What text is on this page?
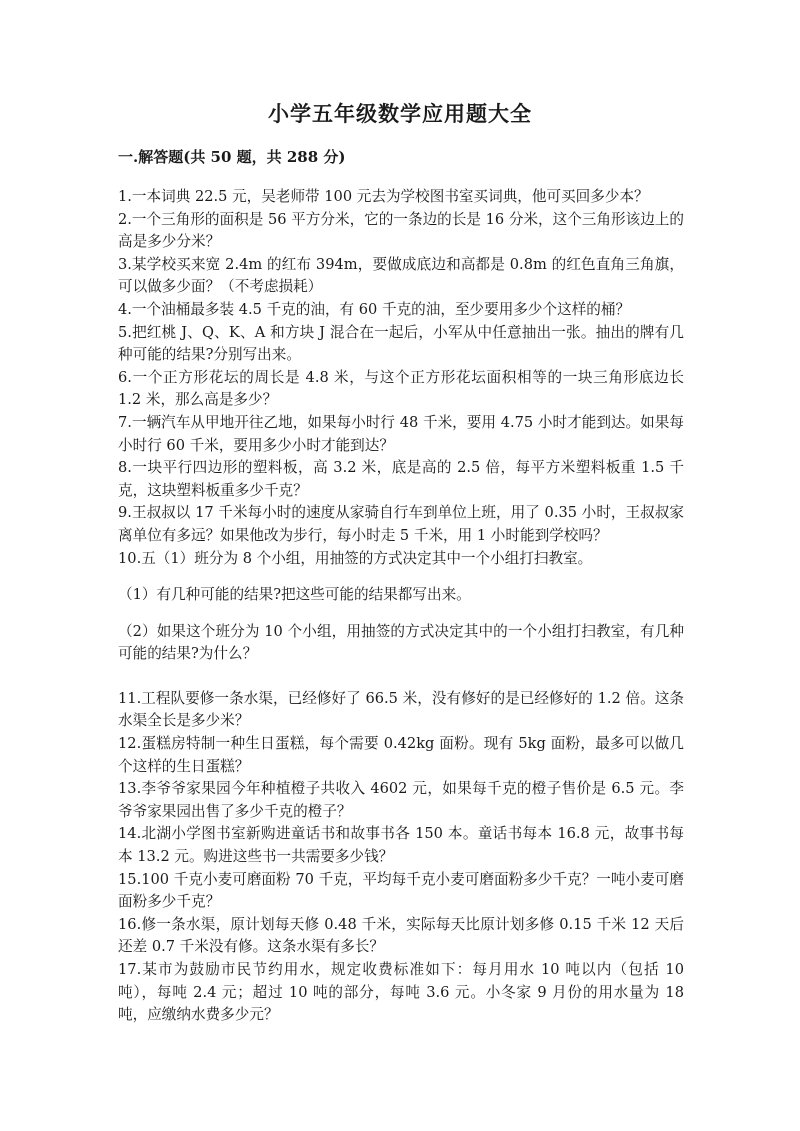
小学五年级数学应用题大全
一.解答题(共 50 题，共 288 分)

1.一本词典 22.5 元，吴老师带 100 元去为学校图书室买词典，他可买回多少本？

2.一个三角形的面积是 56 平方分米，它的一条边的长是 16 分米，这个三角形该边上的高是多少分米？

3.某学校买来宽 2.4m 的红布 394m，要做成底边和高都是 0.8m 的红色直角三角旗，可以做多少面？（不考虑损耗）

4.一个油桶最多装 4.5 千克的油，有 60 千克的油，至少要用多少个这样的桶？

5.把红桃 J、Q、K、A 和方块 J 混合在一起后，小军从中任意抽出一张。抽出的牌有几种可能的结果?分别写出来。

6.一个正方形花坛的周长是 4.8 米，与这个正方形花坛面积相等的一块三角形底边长 1.2 米，那么高是多少？

7.一辆汽车从甲地开往乙地，如果每小时行 48 千米，要用 4.75 小时才能到达。如果每小时行 60 千米，要用多少小时才能到达？

8.一块平行四边形的塑料板，高 3.2 米，底是高的 2.5 倍，每平方米塑料板重 1.5 千克，这块塑料板重多少千克？

9.王叔叔以 17 千米每小时的速度从家骑自行车到单位上班，用了 0.35 小时，王叔叔家离单位有多远？如果他改为步行，每小时走 5 千米，用 1 小时能到学校吗？

10.五（1）班分为 8 个小组，用抽签的方式决定其中一个小组打扫教室。

（1）有几种可能的结果?把这些可能的结果都写出来。

（2）如果这个班分为 10 个小组，用抽签的方式决定其中的一个小组打扫教室，有几种可能的结果?为什么？

11.工程队要修一条水渠，已经修好了 66.5 米，没有修好的是已经修好的 1.2 倍。这条水渠全长是多少米？

12.蛋糕房特制一种生日蛋糕，每个需要 0.42kg 面粉。现有 5kg 面粉，最多可以做几个这样的生日蛋糕？

13.李爷爷家果园今年种植橙子共收入 4602 元，如果每千克的橙子售价是 6.5 元。李爷爷家果园出售了多少千克的橙子？

14.北湖小学图书室新购进童话书和故事书各 150 本。童话书每本 16.8 元，故事书每本 13.2 元。购进这些书一共需要多少钱？

15.100 千克小麦可磨面粉 70 千克，平均每千克小麦可磨面粉多少千克？一吨小麦可磨面粉多少千克？

16.修一条水渠，原计划每天修 0.48 千米，实际每天比原计划多修 0.15 千米 12 天后还差 0.7 千米没有修。这条水渠有多长？

17.某市为鼓励市民节约用水，规定收费标准如下：每月用水 10 吨以内（包括 10 吨），每吨 2.4 元；超过 10 吨的部分，每吨 3.6 元。小冬家 9 月份的用水量为 18 吨，应缴纳水费多少元？
